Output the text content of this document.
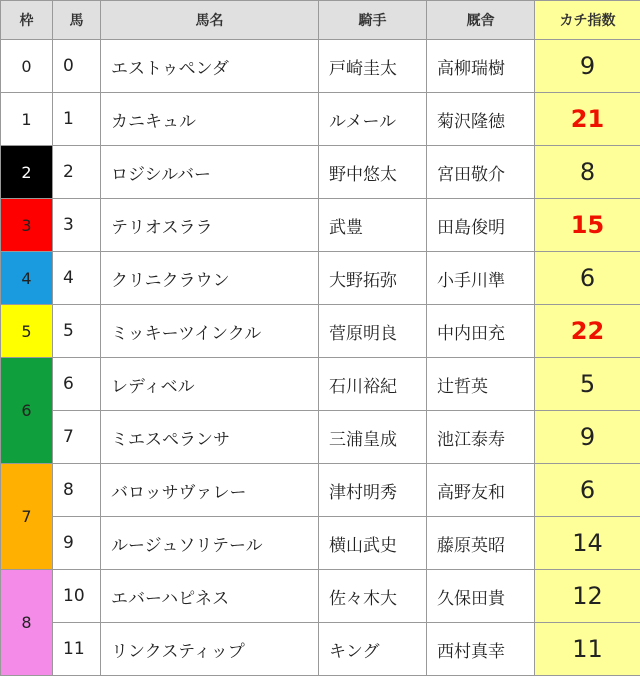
枠	馬	馬名	騎手	厩舎	カチ指数
0	0	エストゥペンダ	戸崎圭太	高柳瑞樹	9
1	1	カニキュル	ルメール	菊沢隆徳	21
2	2	ロジシルバー	野中悠太	宮田敬介	8
3	3	テリオスララ	武豊	田島俊明	15
4	4	クリニクラウン	大野拓弥	小手川準	6
5	5	ミッキーツインクル	菅原明良	中内田充	22
6	6	レディベル	石川裕紀	辻哲英	5
	7	ミエスペランサ	三浦皇成	池江泰寿	9
7	8	バロッサヴァレー	津村明秀	高野友和	6
	9	ルージュソリテール	横山武史	藤原英昭	14
8	10	エバーハピネス	佐々木大	久保田貴	12
	11	リンクスティップ	キング	西村真幸	11
